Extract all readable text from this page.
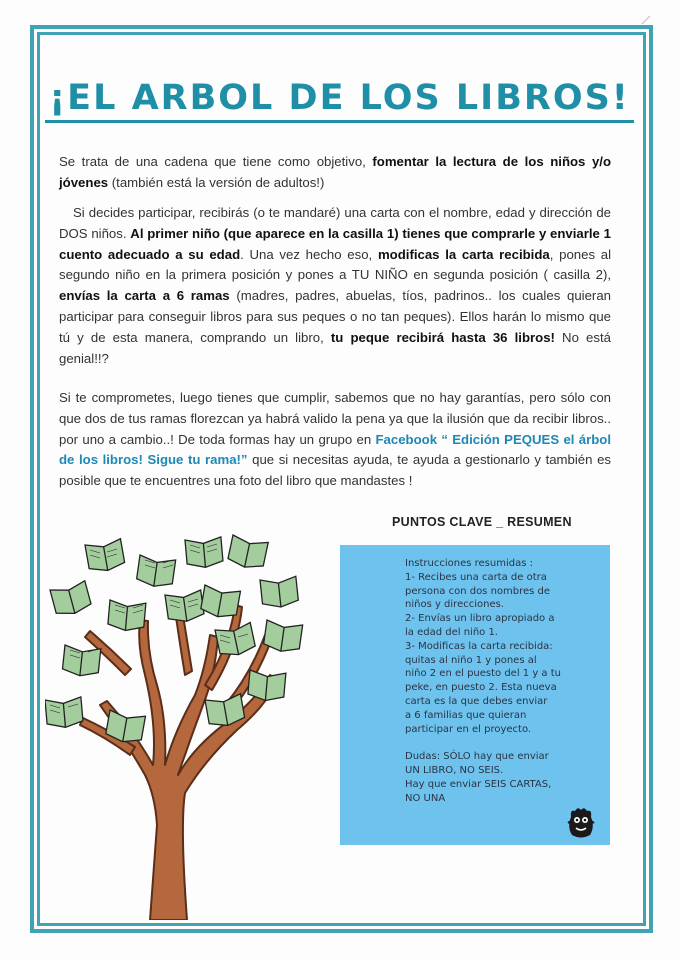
¡EL ARBOL DE LOS LIBROS!
Se trata de una cadena que tiene como objetivo, fomentar la lectura de los niños y/o jóvenes (también está la versión de adultos!)
Si decides participar, recibirás (o te mandaré) una carta con el nombre, edad y dirección de DOS niños. Al primer niño (que aparece en la casilla 1) tienes que comprarle y enviarle 1 cuento adecuado a su edad. Una vez hecho eso, modificas la carta recibida, pones al segundo niño en la primera posición y pones a TU NIÑO en segunda posición ( casilla 2), envías la carta a 6 ramas (madres, padres, abuelas, tíos, padrinos.. los cuales quieran participar para conseguir libros para sus peques o no tan peques). Ellos harán lo mismo que tú y de esta manera, comprando un libro, tu peque recibirá hasta 36 libros! No está genial!!?
Si te comprometes, luego tienes que cumplir, sabemos que no hay garantías, pero sólo con que dos de tus ramas florezcan ya habrá valido la pena ya que la ilusión que da recibir libros.. por uno a cambio..! De toda formas hay un grupo en Facebook “ Edición PEQUES el árbol de los libros! Sigue tu rama!” que si necesitas ayuda, te ayuda a gestionarlo y también es posible que te encuentres una foto del libro que mandastes !
PUNTOS CLAVE _ RESUMEN
Instrucciones resumidas :
1- Recibes una carta de otra
persona con dos nombres de
niños y direcciones.
2- Envías un libro apropiado a
la edad del niño 1.
3- Modificas la carta recibida:
quitas al niño 1 y pones al
niño 2 en el puesto del 1 y a tu
peke, en puesto 2. Esta nueva
carta es la que debes enviar
a 6 familias que quieran
participar en el proyecto.

Dudas: SÓLO hay que enviar
UN LIBRO, NO SEIS.
Hay que enviar SEIS CARTAS,
NO UNA
